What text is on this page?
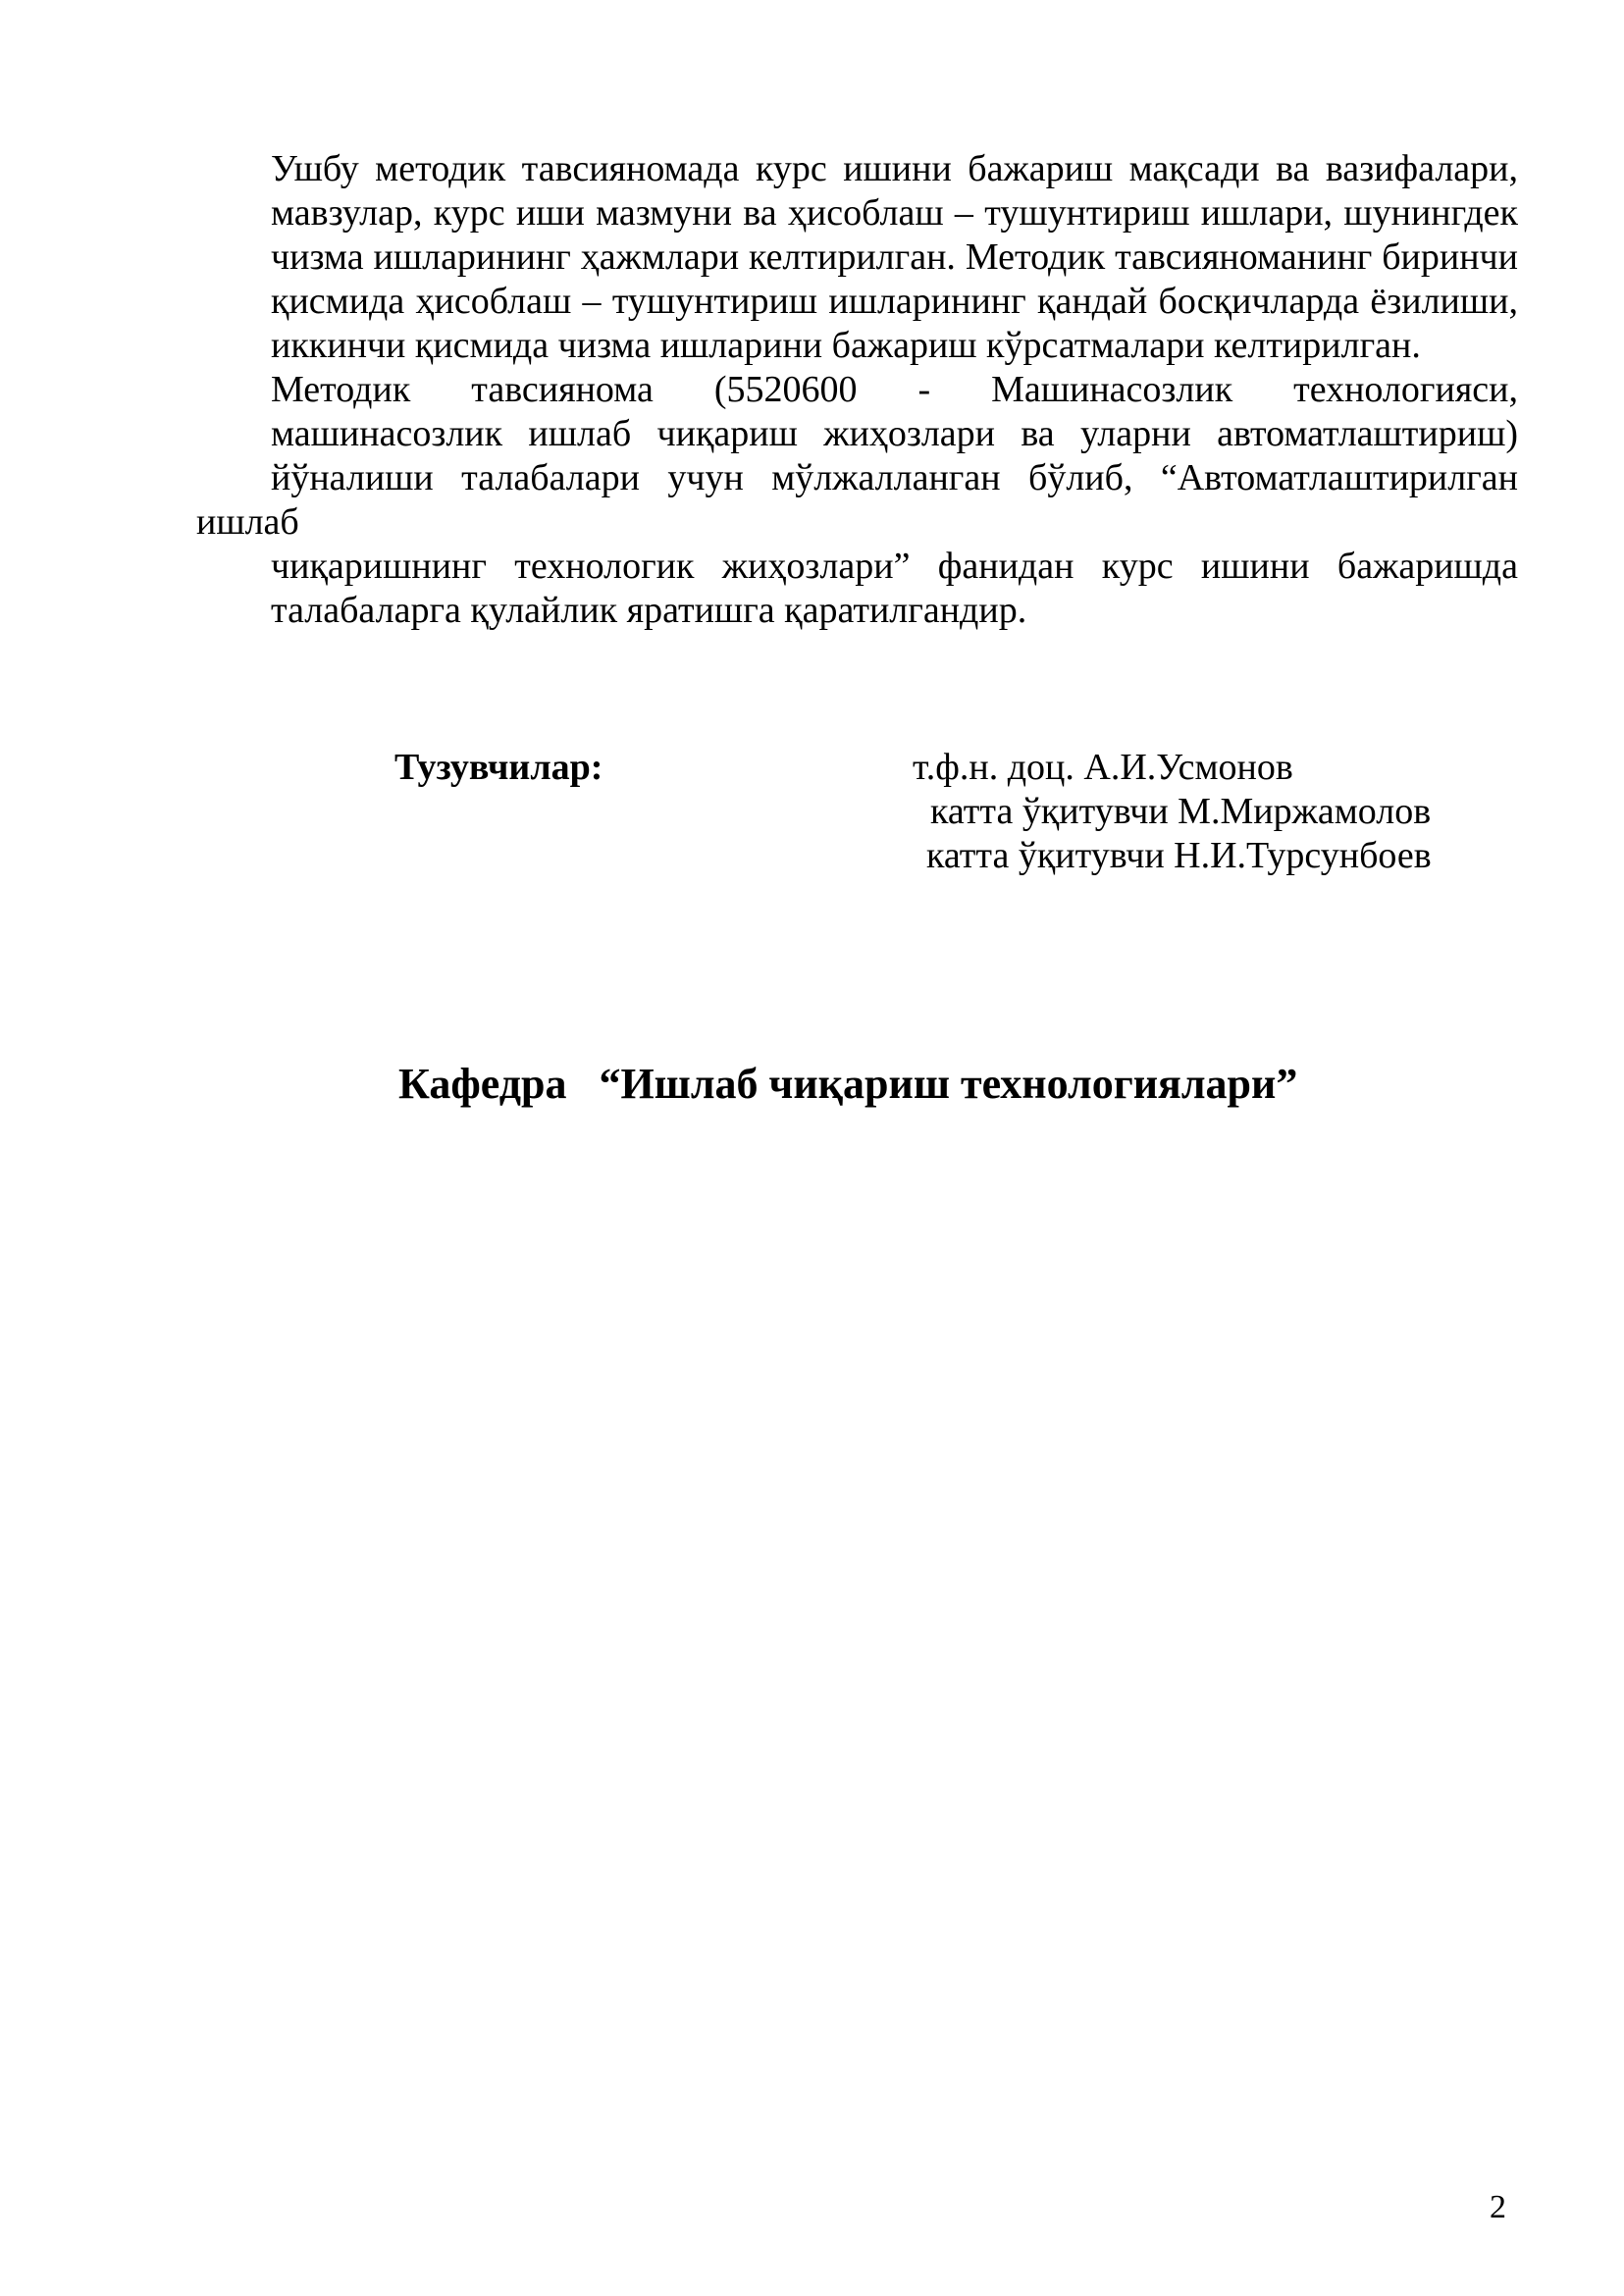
Ушбу методик тавсияномада курс ишини бажариш мақсади ва вазифалари,
мавзулар, курс иши мазмуни ва ҳисоблаш – тушунтириш ишлари, шунингдек
чизма ишларининг ҳажмлари келтирилган. Методик тавсияноманинг биринчи
қисмида ҳисоблаш – тушунтириш ишларининг қандай босқичларда ёзилиши,
иккинчи қисмида чизма ишларини бажариш кўрсатмалари келтирилган.

Методик тавсиянома (5520600 - Машинасозлик технологияси,
машинасозлик ишлаб чиқариш жиҳозлари ва уларни автоматлаштириш)
йўналиши талабалари учун мўлжалланган бўлиб, “Автоматлаштирилган ишлаб
чиқаришнинг технологик жиҳозлари” фанидан курс ишини бажаришда
талабаларга қулайлик яратишга қаратилгандир.

Тузувчилар:	т.ф.н. доц. А.И.Усмонов
катта ўқитувчи М.Миржамолов
катта ўқитувчи Н.И.Турсунбоев

Кафедра   “Ишлаб чиқариш технологиялари”

2
